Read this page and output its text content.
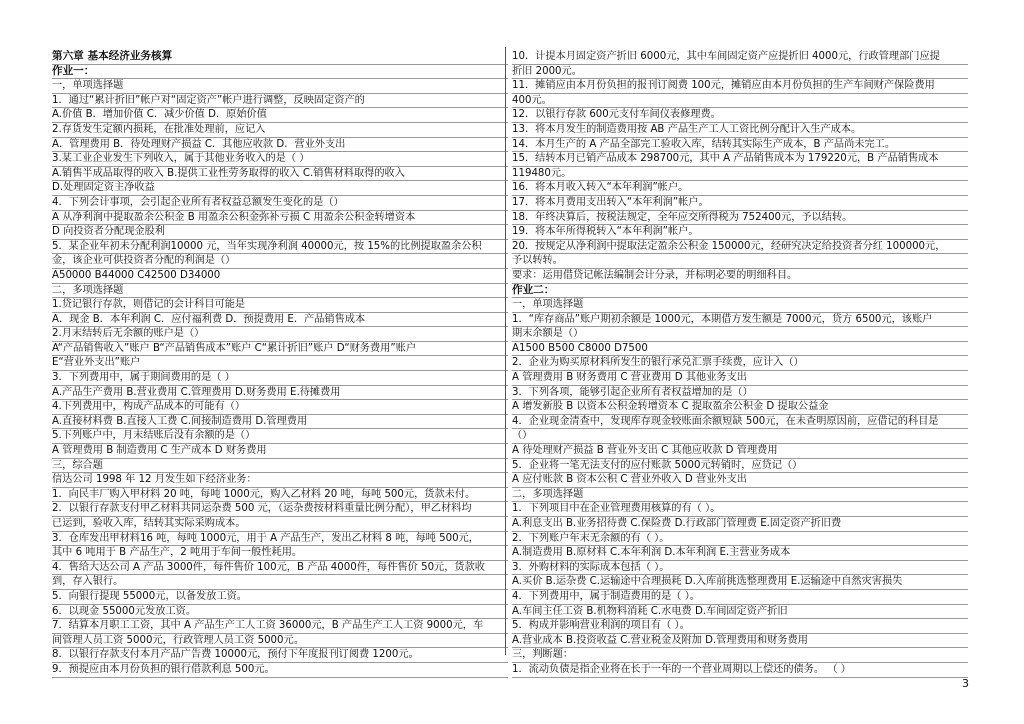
第六章 基本经济业务核算
作业一：
一，单项选择题
1．通过“累计折旧”帐户对“固定资产”帐户进行调整，反映固定资产的
A.价值 B．增加价值 C．减少价值 D．原始价值
2.存货发生定额内损耗，在批准处理前，应记入
A．管理费用 B．待处理财产损益 C．其他应收款 D．营业外支出
3.某工业企业发生下列收入，属于其他业务收入的是（ ）
A.销售半成品取得的收入 B.提供工业性劳务取得的收入 C.销售材料取得的收入
D.处理固定资主净收益
4．下列会计事项，会引起企业所有者权益总额发生变化的是（）
A 从净利润中提取盈余公积金 B 用盈余公积金弥补亏损 C 用盈余公积金转增资本
D 向投资者分配现金股利
5．某企业年初未分配利润10000 元，当年实现净利润 40000元，按 15%的比例提取盈余公积
金，该企业可供投资者分配的利润是（）
A50000 B44000 C42500 D34000
二，多项选择题
1.贷记银行存款，则借记的会计科目可能是
A．现金 B．本年利润 C．应付福利费 D．预提费用 E．产品销售成本
2.月末结转后无余额的账户是（）
A“产品销售收入”账户 B“产品销售成本”账户 C“累计折旧”账户 D“财务费用”账户
E“营业外支出”账户
3．下列费用中，属于期间费用的是（ ）
A.产品生产费用 B.营业费用 C.管理费用 D.财务费用 E.待摊费用
4.下列费用中，构成产品成本的可能有（）
A.直接材料费 B.直接人工费 C.间接制造费用 D.管理费用
5.下列账户中，月末结账后没有余额的是（）
A 管理费用 B 制造费用 C 生产成本 D 财务费用
三，综合题
信达公司 1998 年 12 月发生如下经济业务：
1．向民丰厂购入甲材料 20 吨，每吨 1000元，购入乙材料 20 吨，每吨 500元，货款未付。
2．以银行存款支付甲乙材料共同运杂费 500 元，（运杂费按材料重量比例分配），甲乙材料均
已运到，验收入库，结转其实际采购成本。
3．仓库发出甲材料16 吨，每吨 1000元，用于 A 产品生产，发出乙材料 8 吨，每吨 500元，
其中 6 吨用于 B 产品生产，2 吨用于车间一般性耗用。
4．售给大达公司 A 产品 3000件，每件售价 100元，B 产品 4000件，每件售价 50元，货款收
到，存入银行。
5．向银行提现 55000元，以备发放工资。
6．以现金 55000元发放工资。
7．结算本月职工工资，其中 A 产品生产工人工资 36000元，B 产品生产工人工资 9000元，车
间管理人员工资 5000元，行政管理人员工资 5000元。
8．以银行存款支付本月产品广告费 10000元，预付下年度报刊订阅费 1200元。
9．预提应由本月份负担的银行借款利息 500元。
10．计提本月固定资产折旧 6000元，其中车间固定资产应提折旧 4000元，行政管理部门应提
折旧 2000元。
11．摊销应由本月份负担的报刊订阅费 100元，摊销应由本月份负担的生产车间财产保险费用
400元。
12．以银行存款 600元支付车间仪表修理费。
13．将本月发生的制造费用按 AB 产品生产工人工资比例分配计入生产成本。
14．本月生产的 A 产品全部完工验收入库，结转其实际生产成本，B 产品尚未完工。
15．结转本月已销产品成本 298700元，其中 A 产品销售成本为 179220元，B 产品销售成本
119480元。
16．将本月收入转入“本年利润”帐户。
17．将本月费用支出转入“本年利润”帐户。
18．年终决算后，按税法规定，全年应交所得税为 752400元，予以结转。
19．将本年所得税转入“本年利润”帐户。
20．按规定从净利润中提取法定盈余公积金 150000元，经研究决定给投资者分红 100000元，
予以转转。
要求：运用借贷记帐法编制会计分录，并标明必要的明细科目。
作业二：
一，单项选择题
1．“库存商品”账户期初余额是 1000元，本期借方发生额是 7000元，贷方 6500元，该账户
期末余额是（）
A1500 B500 C8000 D7500
2．企业为购买原材料所发生的银行承兑汇票手续费，应计入（）
A 管理费用 B 财务费用 C 营业费用 D 其他业务支出
3．下列各项，能够引起企业所有者权益增加的是（）
A 增发新股 B 以资本公积金转增资本 C 提取盈余公积金 D 提取公益金
4．企业现金清查中，发现库存现金较账面余额短缺 500元，在未查明原因前，应借记的科目是
（）
A 待处理财产损益 B 营业外支出 C 其他应收款 D 管理费用
5．企业将一笔无法支付的应付账款 5000元转销时，应贷记（）
A 应付账款 B 资本公积 C 营业外收入 D 营业外支出
二，多项选择题
1．下列项目中在企业管理费用核算的有（ ）。
A.利息支出 B.业务招待费 C.保险费 D.行政部门管理费 E.固定资产折旧费
2．下列账户年末无余额的有（ ）。
A.制造费用 B.原材料 C.本年利润 D.本年利润 E.主营业务成本
3．外购材料的实际成本包括（ ）。
A.买价 B.运杂费 C.运输途中合理损耗 D.入库前挑选整理费用 E.运输途中自然灾害损失
4．下列费用中，属于制造费用的是（ ）。
A.车间主任工资 B.机物料消耗 C.水电费 D.车间固定资产折旧
5．构成并影响营业利润的项目有（ ）。
A.营业成本 B.投资收益 C.营业税金及附加 D.管理费用和财务费用
三，判断题：
1．流动负债是指企业将在长于一年的一个营业周期以上偿还的债务。 （ ）
3
